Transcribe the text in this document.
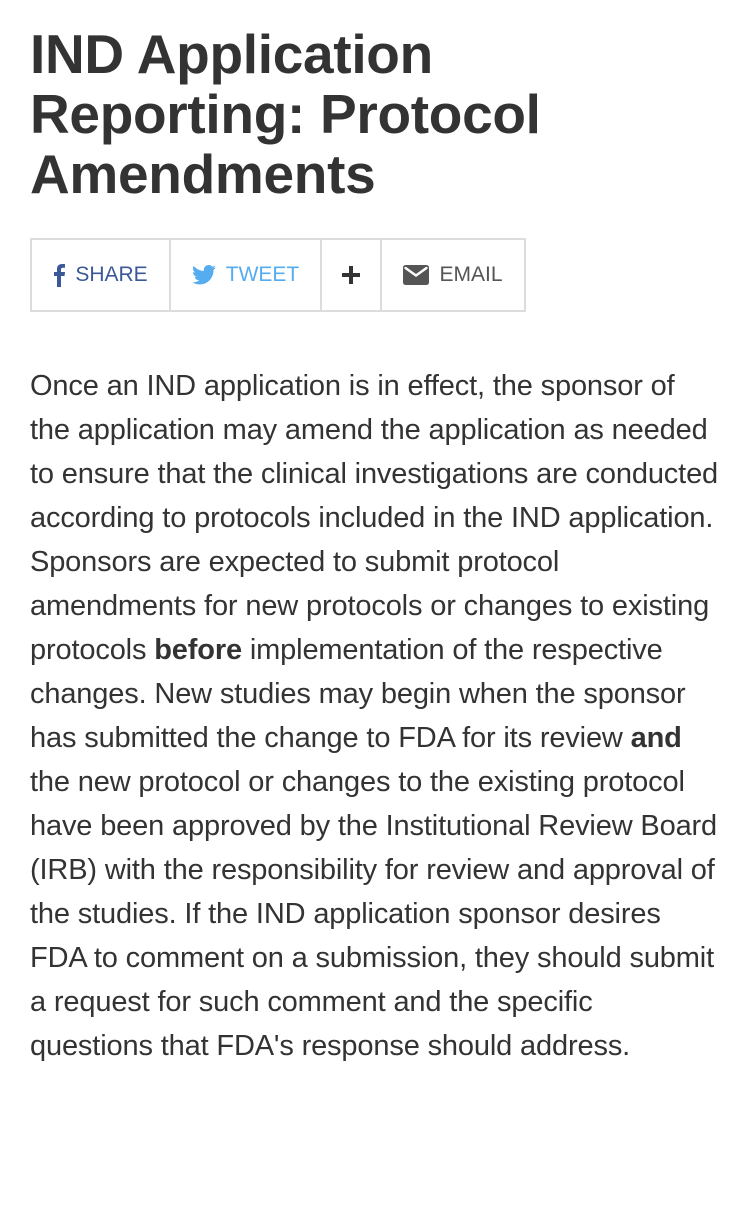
IND Application Reporting: Protocol Amendments
SHARE	TWEET	EMAIL

Once an IND application is in effect, the sponsor of the application may amend the application as needed to ensure that the clinical investigations are conducted according to protocols included in the IND application. Sponsors are expected to submit protocol amendments for new protocols or changes to existing protocols before implementation of the respective changes. New studies may begin when the sponsor has submitted the change to FDA for its review and the new protocol or changes to the existing protocol have been approved by the Institutional Review Board (IRB) with the responsibility for review and approval of the studies. If the IND application sponsor desires FDA to comment on a submission, they should submit a request for such comment and the specific questions that FDA's response should address.
